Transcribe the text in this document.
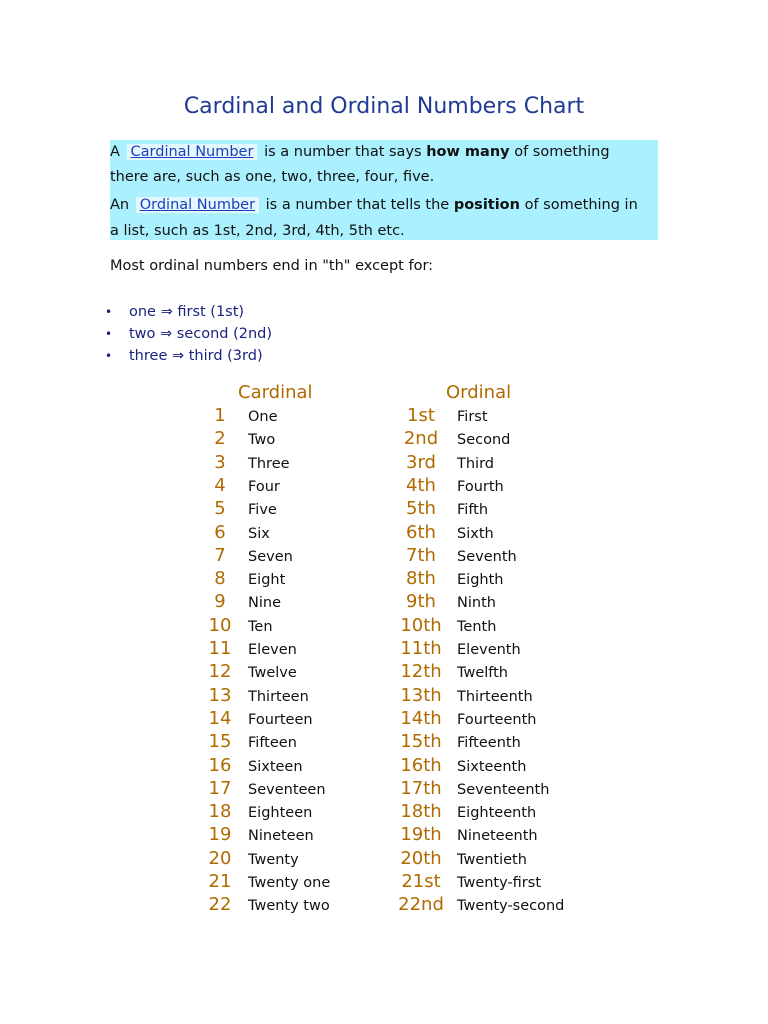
Cardinal and Ordinal Numbers Chart
A Cardinal Number is a number that says how many of something
there are, such as one, two, three, four, five.
An Ordinal Number is a number that tells the position of something in
a list, such as 1st, 2nd, 3rd, 4th, 5th etc.
Most ordinal numbers end in "th" except for:
• one ⇒ first (1st)
• two ⇒ second (2nd)
• three ⇒ third (3rd)
Cardinal	Ordinal
1	One	1st	First
2	Two	2nd	Second
3	Three	3rd	Third
4	Four	4th	Fourth
5	Five	5th	Fifth
6	Six	6th	Sixth
7	Seven	7th	Seventh
8	Eight	8th	Eighth
9	Nine	9th	Ninth
10	Ten	10th	Tenth
11	Eleven	11th	Eleventh
12	Twelve	12th	Twelfth
13	Thirteen	13th	Thirteenth
14	Fourteen	14th	Fourteenth
15	Fifteen	15th	Fifteenth
16	Sixteen	16th	Sixteenth
17	Seventeen	17th	Seventeenth
18	Eighteen	18th	Eighteenth
19	Nineteen	19th	Nineteenth
20	Twenty	20th	Twentieth
21	Twenty one	21st	Twenty-first
22	Twenty two	22nd Twenty-second
